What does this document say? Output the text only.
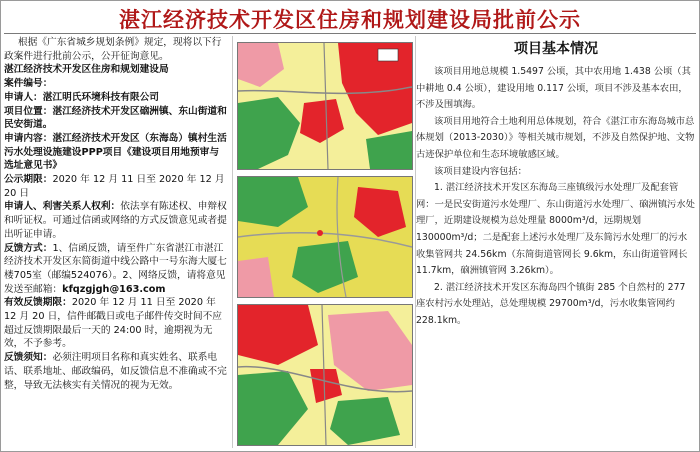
湛江经济技术开发区住房和规划建设局批前公示

根据《广东省城乡规划条例》规定，现将以下行政案件进行批前公示，公开征询意见。

湛江经济技术开发区住房和规划建设局

案件编号：

申请人：湛江明氏环境科技有限公司

项目位置：湛江经济技术开发区硇洲镇、东山街道和民安街道。

申请内容：湛江经济技术开发区（东海岛）镇村生活污水处理设施建设PPP项目《建设项目用地预审与选址意见书》

公示期限：2020 年 12 月 11 日至 2020 年 12 月 20 日

申请人、利害关系人权利：依法享有陈述权、申辩权和听证权。可通过信函或网络的方式反馈意见或者提出听证申请。

反馈方式：1、信函反馈，请至件广东省湛江市湛江经济技术开发区东简街道中线公路中一号东海大厦七楼705室（邮编524076）。2、网络反馈，请将意见发送至邮箱：kfqzgjgh@163.com

有效反馈期限：2020 年 12 月 11 日至 2020 年 12 月 20 日，信件邮戳日或电子邮件传交时间不应超过反馈期限最后一天的 24:00 时，逾期视为无效，不予参考。

反馈须知：必须注明项目名称和真实姓名、联系电话、联系地址、邮政编码，如反馈信息不准确或不完整，导致无法核实有关情况的视为无效。

项目基本情况

该项目用地总规模 1.5497 公顷，其中农用地 1.438 公顷（其中耕地 0.4 公顷），建设用地 0.117 公顷，项目不涉及基本农田，不涉及围填海。

该项目用地符合土地利用总体规划，符合《湛江市东海岛城市总体规划（2013-2030）》等相关城市规划，不涉及自然保护地、文物古迹保护单位和生态环境敏感区域。

该项目建设内容包括：

1. 湛江经济技术开发区东海岛三座镇级污水处理厂及配套管网：一是民安街道污水处理厂、东山街道污水处理厂、硇洲镇污水处理厂，近期建设规模为总处理量 8000m³/d，远期规划 130000m³/d；二是配套上述污水处理厂及东简污水处理厂的污水收集管网共 24.56km（东简街道管网长 9.6km，东山街道管网长 11.7km，硇洲镇管网 3.26km）。

2. 湛江经济技术开发区东海岛四个镇街 285 个自然村的 277 座农村污水处理站，总处理规模 29700m³/d，污水收集管网约 228.1km。
